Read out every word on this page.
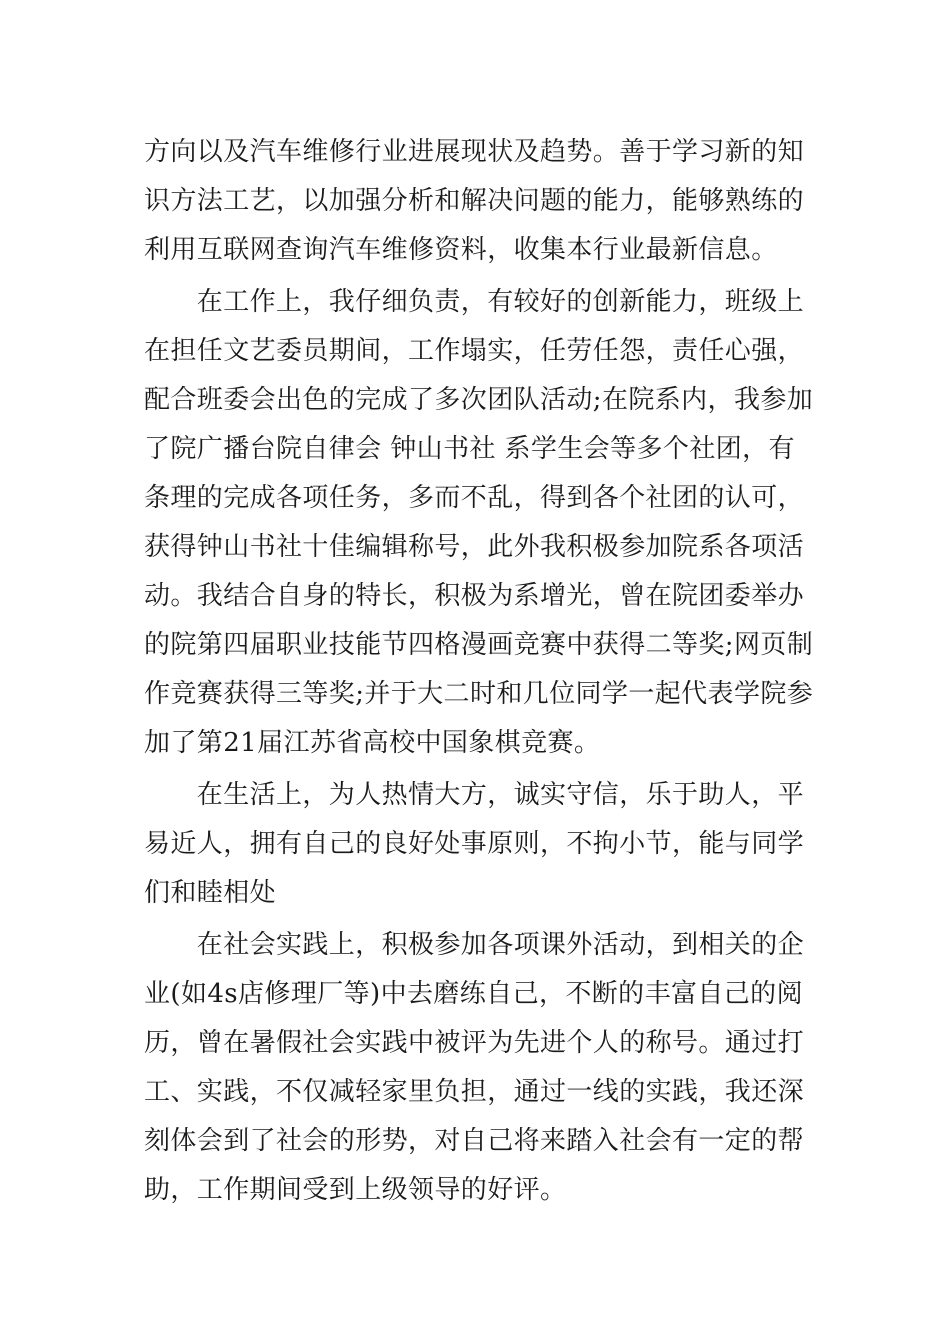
方向以及汽车维修行业进展现状及趋势。善于学习新的知
识方法工艺，以加强分析和解决问题的能力，能够熟练的
利用互联网查询汽车维修资料，收集本行业最新信息。
　　在工作上，我仔细负责，有较好的创新能力，班级上
在担任文艺委员期间，工作塌实，任劳任怨，责任心强，
配合班委会出色的完成了多次团队活动;在院系内，我参加
了院广播台院自律会 钟山书社 系学生会等多个社团，有
条理的完成各项任务，多而不乱，得到各个社团的认可，
获得钟山书社十佳编辑称号，此外我积极参加院系各项活
动。我结合自身的特长，积极为系增光，曾在院团委举办
的院第四届职业技能节四格漫画竞赛中获得二等奖;网页制
作竞赛获得三等奖;并于大二时和几位同学一起代表学院参
加了第21届江苏省高校中国象棋竞赛。
　　在生活上，为人热情大方，诚实守信，乐于助人，平
易近人，拥有自己的良好处事原则，不拘小节，能与同学
们和睦相处
　　在社会实践上，积极参加各项课外活动，到相关的企
业(如4s店修理厂等)中去磨练自己，不断的丰富自己的阅
历，曾在暑假社会实践中被评为先进个人的称号。通过打
工、实践，不仅减轻家里负担，通过一线的实践，我还深
刻体会到了社会的形势，对自己将来踏入社会有一定的帮
助，工作期间受到上级领导的好评。
